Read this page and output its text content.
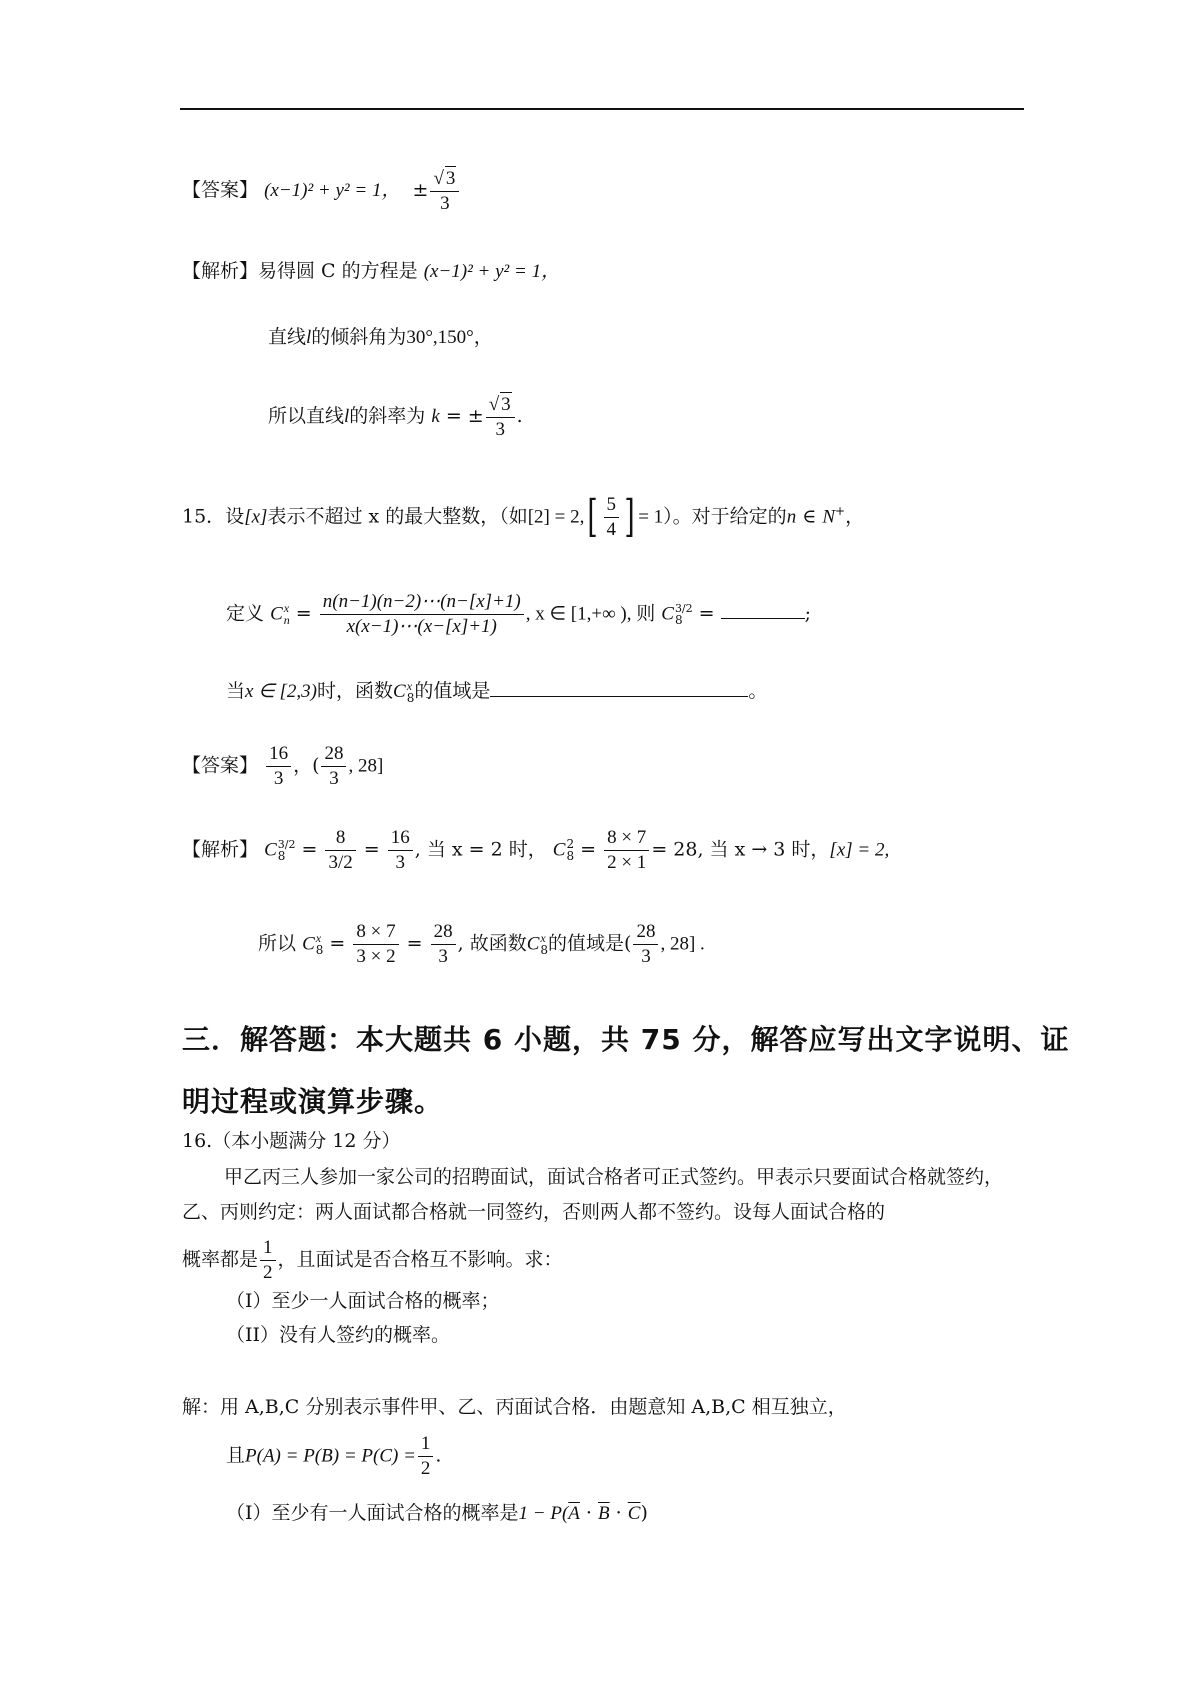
【答案】 (x−1)² + y² = 1，  ± $\frac{√ 3}{3}$
【解析】易得圆 C 的方程是 (x−1)² + y² = 1，
直线l的倾斜角为30°,150°，
所以直线l的斜率为 k = ± $\frac{√ 3}{3}$ .
15．设[x]表示不超过 x 的最大整数，（如$[2] = 2,[ \frac{5}{4}$ ] = 1）。对于给定的n ∈ N+，
定义 C x
$n = \frac{n(n-1)(n-2)\cdots(n-[x]+1)}{x(x-1)\cdots(x-[x]+1)}$ , x ∈ [1,+∞ ), 则 C 3/2
8 =	;
当x ∈ [2,3)时，函数C x
8 的值域是	。
【答案】 $\frac{16}{3}$ ，( $\frac{28}{3}$ , 28]
【解析】 C 3/2
$8 = \frac{8}{3/2} = \frac{16}{3}$ , 当 x = 2 时， C 2
$8 = \frac{8 \times 7}{2 \times 1} = 28$, 当 x → 3 时，[x] = 2,
所以 C x
$8 = \frac{8 \times 7}{3 \times 2} = \frac{28}{3}$ , 故函数C x
8 的值域是( $\frac{28}{3}$ , 28] .
三．解答题：本大题共 6 小题，共 75 分，解答应写出文字说明、证
明过程或演算步骤。
16.（本小题满分 12 分）
甲乙丙三人参加一家公司的招聘面试，面试合格者可正式签约。甲表示只要面试合格就签约，乙、丙则约定：两人面试都合格就一同签约，否则两人都不签约。设每人面试合格的
概率都是 $\frac{1}{2}$ ，且面试是否合格互不影响。求：
（I）至少一人面试合格的概率；
（II）没有人签约的概率。
解：用 A,B,C 分别表示事件甲、乙、丙面试合格．由题意知 A,B,C 相互独立，
且$P(A) = P(B) = P(C) = \frac{1}{2}$ .
（I）至少有一人面试合格的概率是$1 - P(\overline{A} \cdot \overline{B} \cdot \overline{C})$
